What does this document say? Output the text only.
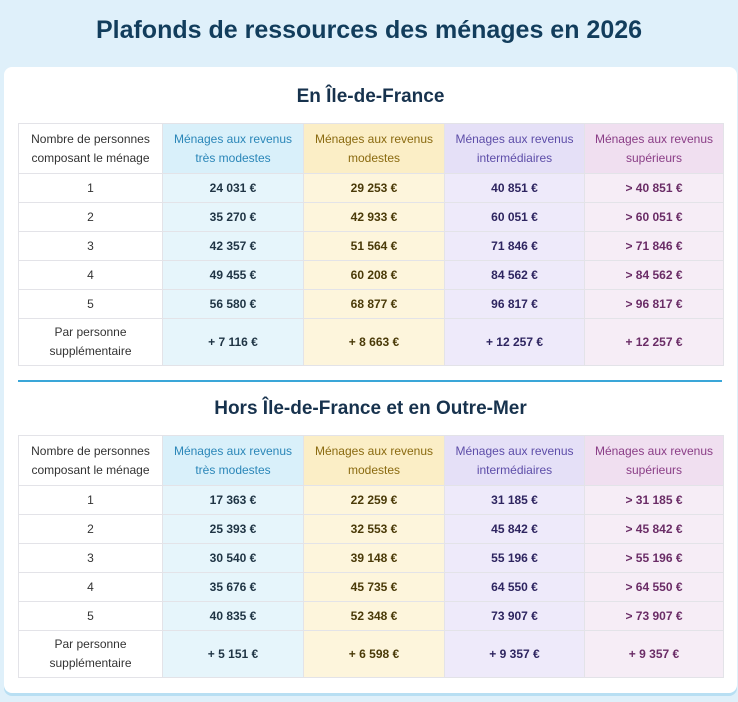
Plafonds de ressources des ménages en 2026
En Île-de-France
Nombre de personnes composant le ménage	Ménages aux revenus très modestes	Ménages aux revenus modestes	Ménages aux revenus intermédiaires	Ménages aux revenus supérieurs
1	24 031 €	29 253 €	40 851 €	> 40 851 €
2	35 270 €	42 933 €	60 051 €	> 60 051 €
3	42 357 €	51 564 €	71 846 €	> 71 846 €
4	49 455 €	60 208 €	84 562 €	> 84 562 €
5	56 580 €	68 877 €	96 817 €	> 96 817 €
Par personne supplémentaire	+ 7 116 €	+ 8 663 €	+ 12 257 €	+ 12 257 €
Hors Île-de-France et en Outre-Mer
Nombre de personnes composant le ménage	Ménages aux revenus très modestes	Ménages aux revenus modestes	Ménages aux revenus intermédiaires	Ménages aux revenus supérieurs
1	17 363 €	22 259 €	31 185 €	> 31 185 €
2	25 393 €	32 553 €	45 842 €	> 45 842 €
3	30 540 €	39 148 €	55 196 €	> 55 196 €
4	35 676 €	45 735 €	64 550 €	> 64 550 €
5	40 835 €	52 348 €	73 907 €	> 73 907 €
Par personne supplémentaire	+ 5 151 €	+ 6 598 €	+ 9 357 €	+ 9 357 €
